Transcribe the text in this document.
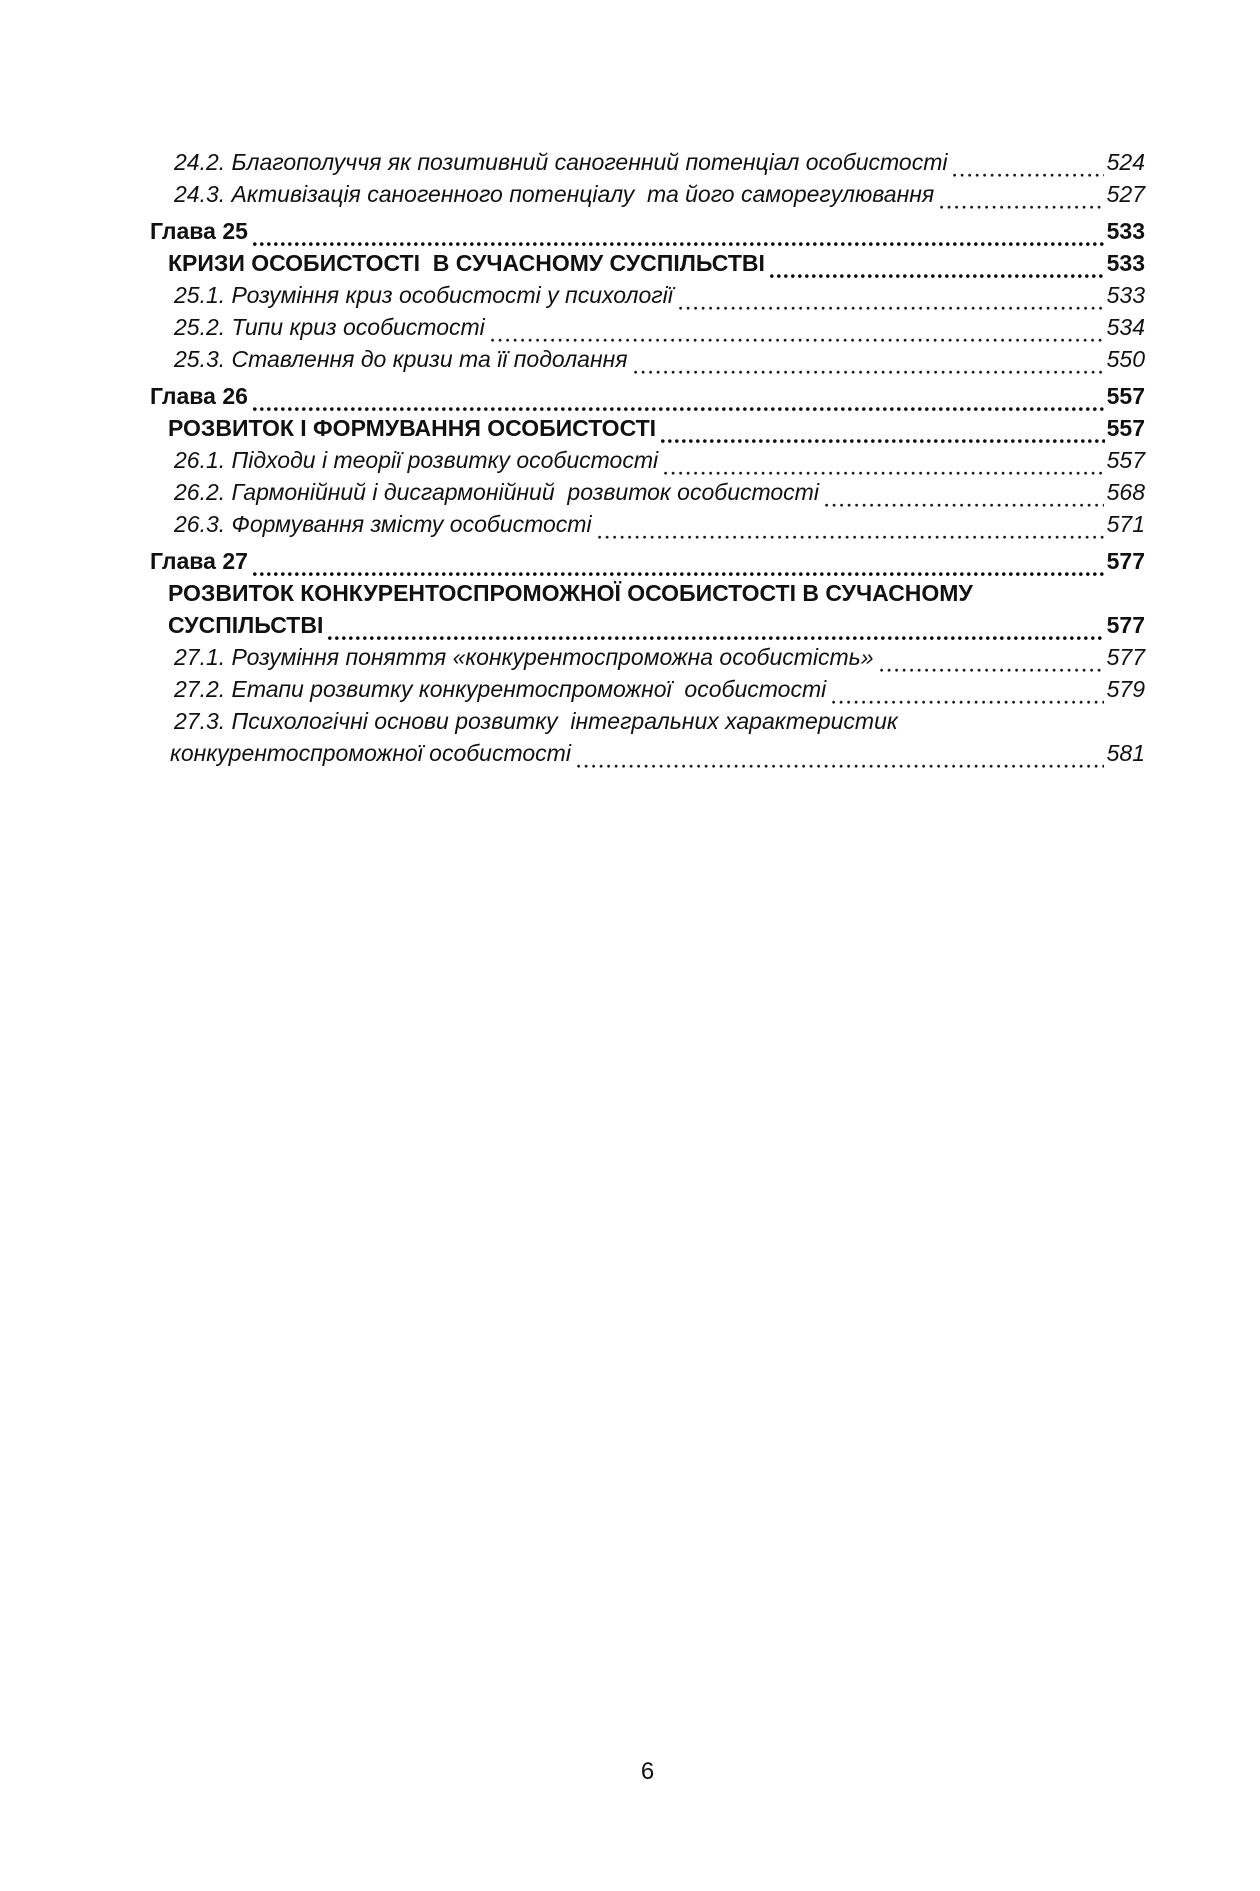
24.2. Благополуччя як позитивний саногенний потенціал особистості	524
24.3. Активізація саногенного потенціалу  та його саморегулювання	527
Глава 25	533
КРИЗИ ОСОБИСТОСТІ  В СУЧАСНОМУ СУСПІЛЬСТВІ	533
25.1. Розуміння криз особистості у психології	533
25.2. Типи криз особистості	534
25.3. Ставлення до кризи та її подолання	550
Глава 26	557
РОЗВИТОК І ФОРМУВАННЯ ОСОБИСТОСТІ	557
26.1. Підходи і теорії розвитку особистості	557
26.2. Гармонійний і дисгармонійний  розвиток особистості	568
26.3. Формування змісту особистості	571
Глава 27	577
РОЗВИТОК КОНКУРЕНТОСПРОМОЖНОЇ ОСОБИСТОСТІ В СУЧАСНОМУ
СУСПІЛЬСТВІ	577
27.1. Розуміння поняття «конкурентоспроможна особистість»	577
27.2. Етапи розвитку конкурентоспроможної  особистості	579
27.3. Психологічні основи розвитку  інтегральних характеристик
конкурентоспроможної особистості	581
6
